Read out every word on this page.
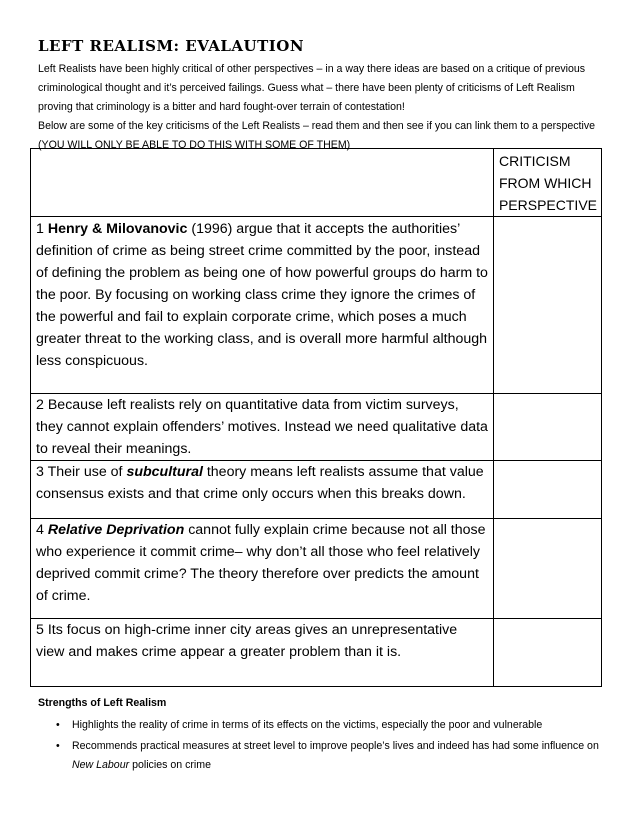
LEFT REALISM: EVALAUTION

Left Realists have been highly critical of other perspectives – in a way there ideas are based on a critique of previous criminological thought and it’s perceived failings. Guess what – there have been plenty of criticisms of Left Realism proving that criminology is a bitter and hard fought-over terrain of contestation!

Below are some of the key criticisms of the Left Realists – read them and then see if you can link them to a perspective (YOU WILL ONLY BE ABLE TO DO THIS WITH SOME OF THEM)

	CRITICISM FROM WHICH PERSPECTIVE
1 Henry & Milovanovic (1996) argue that it accepts the authorities’ definition of crime as being street crime committed by the poor, instead of defining the problem as being one of how powerful groups do harm to the poor. By focusing on working class crime they ignore the crimes of the powerful and fail to explain corporate crime, which poses a much greater threat to the working class, and is overall more harmful although less conspicuous.	
2 Because left realists rely on quantitative data from victim surveys, they cannot explain offenders’ motives. Instead we need qualitative data to reveal their meanings.	
3 Their use of subcultural theory means left realists assume that value consensus exists and that crime only occurs when this breaks down.	
4 Relative Deprivation cannot fully explain crime because not all those who experience it commit crime– why don’t all those who feel relatively deprived commit crime? The theory therefore over predicts the amount of crime.	
5 Its focus on high-crime inner city areas gives an unrepresentative view and makes crime appear a greater problem than it is.	

Strengths of Left Realism

• Highlights the reality of crime in terms of its effects on the victims, especially the poor and vulnerable
• Recommends practical measures at street level to improve people’s lives and indeed has had some influence on New Labour policies on crime
